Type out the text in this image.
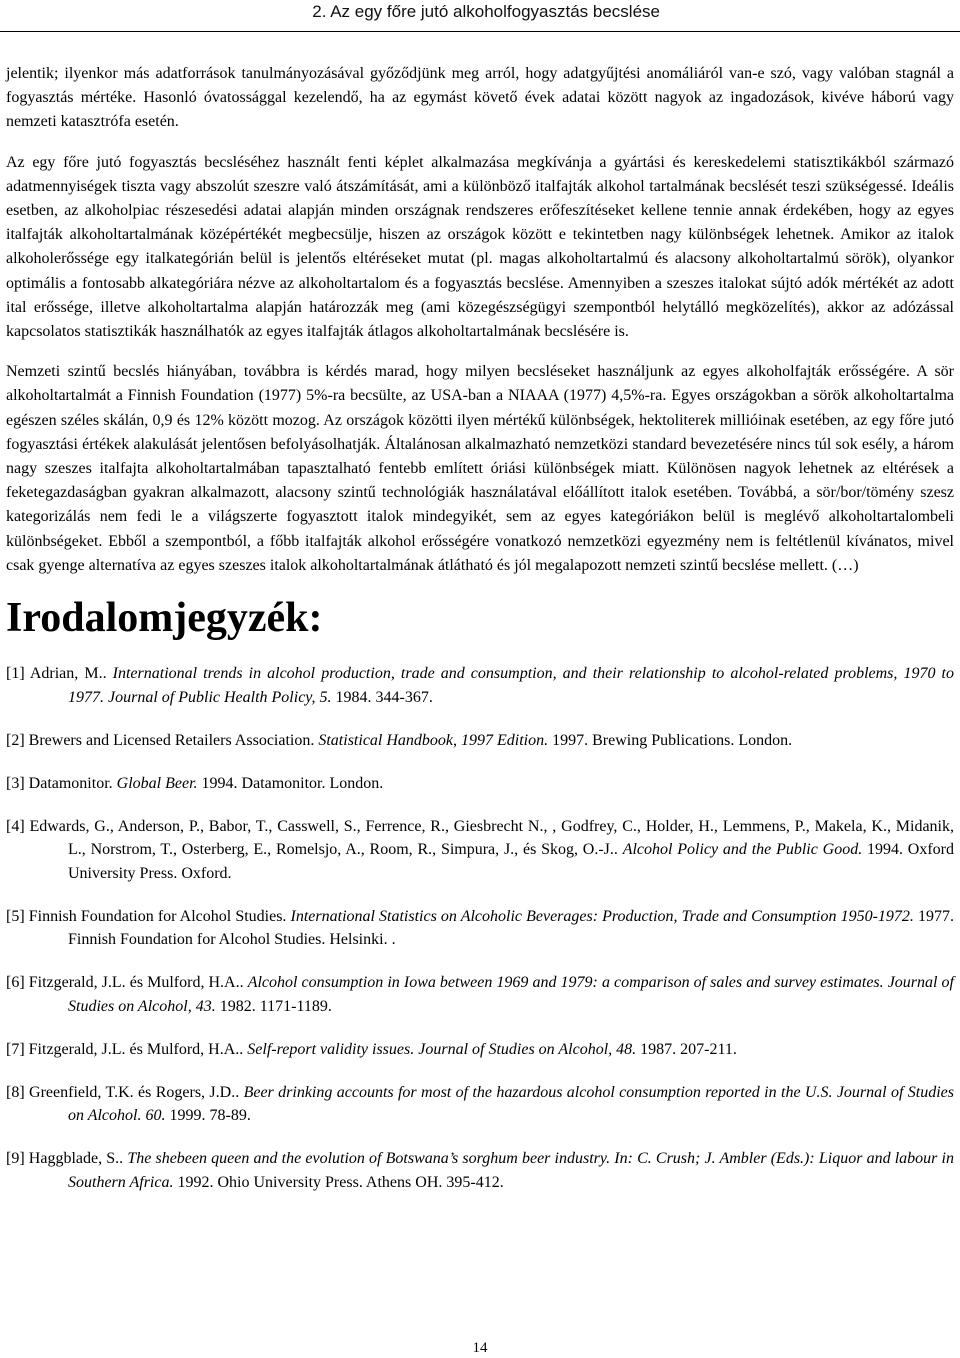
2. Az egy főre jutó alkoholfogyasztás becslése

jelentik; ilyenkor más adatforrások tanulmányozásával győződjünk meg arról, hogy adatgyűjtési anomáliáról van-e szó, vagy valóban stagnál a fogyasztás mértéke. Hasonló óvatossággal kezelendő, ha az egymást követő évek adatai között nagyok az ingadozások, kivéve háború vagy nemzeti katasztrófa esetén.

Az egy főre jutó fogyasztás becsléséhez használt fenti képlet alkalmazása megkívánja a gyártási és kereskedelemi statisztikákból származó adatmennyiségek tiszta vagy abszolút szeszre való átszámítását, ami a különböző italfajták alkohol tartalmának becslését teszi szükségessé. Ideális esetben, az alkoholpiac részesedési adatai alapján minden országnak rendszeres erőfeszítéseket kellene tennie annak érdekében, hogy az egyes italfajták alkoholtartalmának középértékét megbecsülje, hiszen az országok között e tekintetben nagy különbségek lehetnek. Amikor az italok alkoholerőssége egy italkategórián belül is jelentős eltéréseket mutat (pl. magas alkoholtartalmú és alacsony alkoholtartalmú sörök), olyankor optimális a fontosabb alkategóriára nézve az alkoholtartalom és a fogyasztás becslése. Amennyiben a szeszes italokat sújtó adók mértékét az adott ital erőssége, illetve alkoholtartalma alapján határozzák meg (ami közegészségügyi szempontból helytálló megközelítés), akkor az adózással kapcsolatos statisztikák használhatók az egyes italfajták átlagos alkoholtartalmának becslésére is.

Nemzeti szintű becslés hiányában, továbbra is kérdés marad, hogy milyen becsléseket használjunk az egyes alkoholfajták erősségére. A sör alkoholtartalmát a Finnish Foundation (1977) 5%-ra becsülte, az USA-ban a NIAAA (1977) 4,5%-ra. Egyes országokban a sörök alkoholtartalma egészen széles skálán, 0,9 és 12% között mozog. Az országok közötti ilyen mértékű különbségek, hektoliterek millióinak esetében, az egy főre jutó fogyasztási értékek alakulását jelentősen befolyásolhatják. Általánosan alkalmazható nemzetközi standard bevezetésére nincs túl sok esély, a három nagy szeszes italfajta alkoholtartalmában tapasztalható fentebb említett óriási különbségek miatt. Különösen nagyok lehetnek az eltérések a feketegazdaságban gyakran alkalmazott, alacsony szintű technológiák használatával előállított italok esetében. Továbbá, a sör/bor/tömény szesz kategorizálás nem fedi le a világszerte fogyasztott italok mindegyikét, sem az egyes kategóriákon belül is meglévő alkoholtartalombeli különbségeket. Ebből a szempontból, a főbb italfajták alkohol erősségére vonatkozó nemzetközi egyezmény nem is feltétlenül kívánatos, mivel csak gyenge alternatíva az egyes szeszes italok alkoholtartalmának átlátható és jól megalapozott nemzeti szintű becslése mellett. (…)

Irodalomjegyzék:
[1] Adrian, M.. International trends in alcohol production, trade and consumption, and their relationship to alcohol-related problems, 1970 to 1977. Journal of Public Health Policy, 5. 1984. 344-367.
[2] Brewers and Licensed Retailers Association. Statistical Handbook, 1997 Edition. 1997. Brewing Publications. London.
[3] Datamonitor. Global Beer. 1994. Datamonitor. London.
[4] Edwards, G., Anderson, P., Babor, T., Casswell, S., Ferrence, R., Giesbrecht N., , Godfrey, C., Holder, H., Lemmens, P., Makela, K., Midanik, L., Norstrom, T., Osterberg, E., Romelsjo, A., Room, R., Simpura, J., és Skog, O.-J.. Alcohol Policy and the Public Good. 1994. Oxford University Press. Oxford.
[5] Finnish Foundation for Alcohol Studies. International Statistics on Alcoholic Beverages: Production, Trade and Consumption 1950-1972. 1977. Finnish Foundation for Alcohol Studies. Helsinki. .
[6] Fitzgerald, J.L. és Mulford, H.A.. Alcohol consumption in Iowa between 1969 and 1979: a comparison of sales and survey estimates. Journal of Studies on Alcohol, 43. 1982. 1171-1189.
[7] Fitzgerald, J.L. és Mulford, H.A.. Self-report validity issues. Journal of Studies on Alcohol, 48. 1987. 207-211.
[8] Greenfield, T.K. és Rogers, J.D.. Beer drinking accounts for most of the hazardous alcohol consumption reported in the U.S. Journal of Studies on Alcohol. 60. 1999. 78-89.
[9] Haggblade, S.. The shebeen queen and the evolution of Botswana’s sorghum beer industry. In: C. Crush; J. Ambler (Eds.): Liquor and labour in Southern Africa. 1992. Ohio University Press. Athens OH. 395-412.
14
